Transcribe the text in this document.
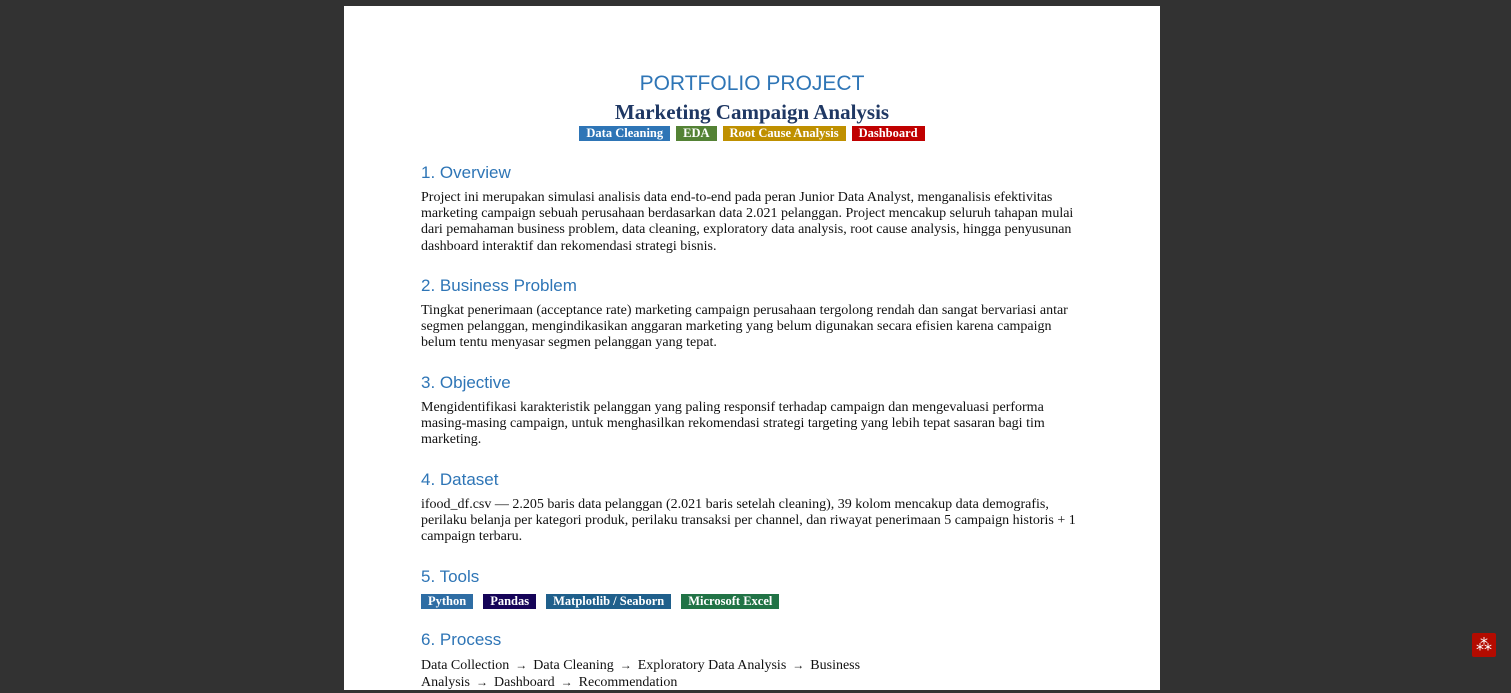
PORTFOLIO PROJECT
Marketing Campaign Analysis
Data Cleaning EDA Root Cause Analysis Dashboard
1. Overview

Project ini merupakan simulasi analisis data end-to-end pada peran Junior Data Analyst, menganalisis efektivitas marketing campaign sebuah perusahaan berdasarkan data 2.021 pelanggan. Project mencakup seluruh tahapan mulai dari pemahaman business problem, data cleaning, exploratory data analysis, root cause analysis, hingga penyusunan dashboard interaktif dan rekomendasi strategi bisnis.

2. Business Problem

Tingkat penerimaan (acceptance rate) marketing campaign perusahaan tergolong rendah dan sangat bervariasi antar segmen pelanggan, mengindikasikan anggaran marketing yang belum digunakan secara efisien karena campaign belum tentu menyasar segmen pelanggan yang tepat.

3. Objective

Mengidentifikasi karakteristik pelanggan yang paling responsif terhadap campaign dan mengevaluasi performa masing-masing campaign, untuk menghasilkan rekomendasi strategi targeting yang lebih tepat sasaran bagi tim marketing.

4. Dataset

ifood_df.csv — 2.205 baris data pelanggan (2.021 baris setelah cleaning), 39 kolom mencakup data demografis, perilaku belanja per kategori produk, perilaku transaksi per channel, dan riwayat penerimaan 5 campaign historis + 1 campaign terbaru.

5. Tools
Python Pandas Matplotlib / Seaborn Microsoft Excel
6. Process

Data Collection → Data Cleaning → Exploratory Data Analysis → Business Analysis → Dashboard → Recommendation

⁂
